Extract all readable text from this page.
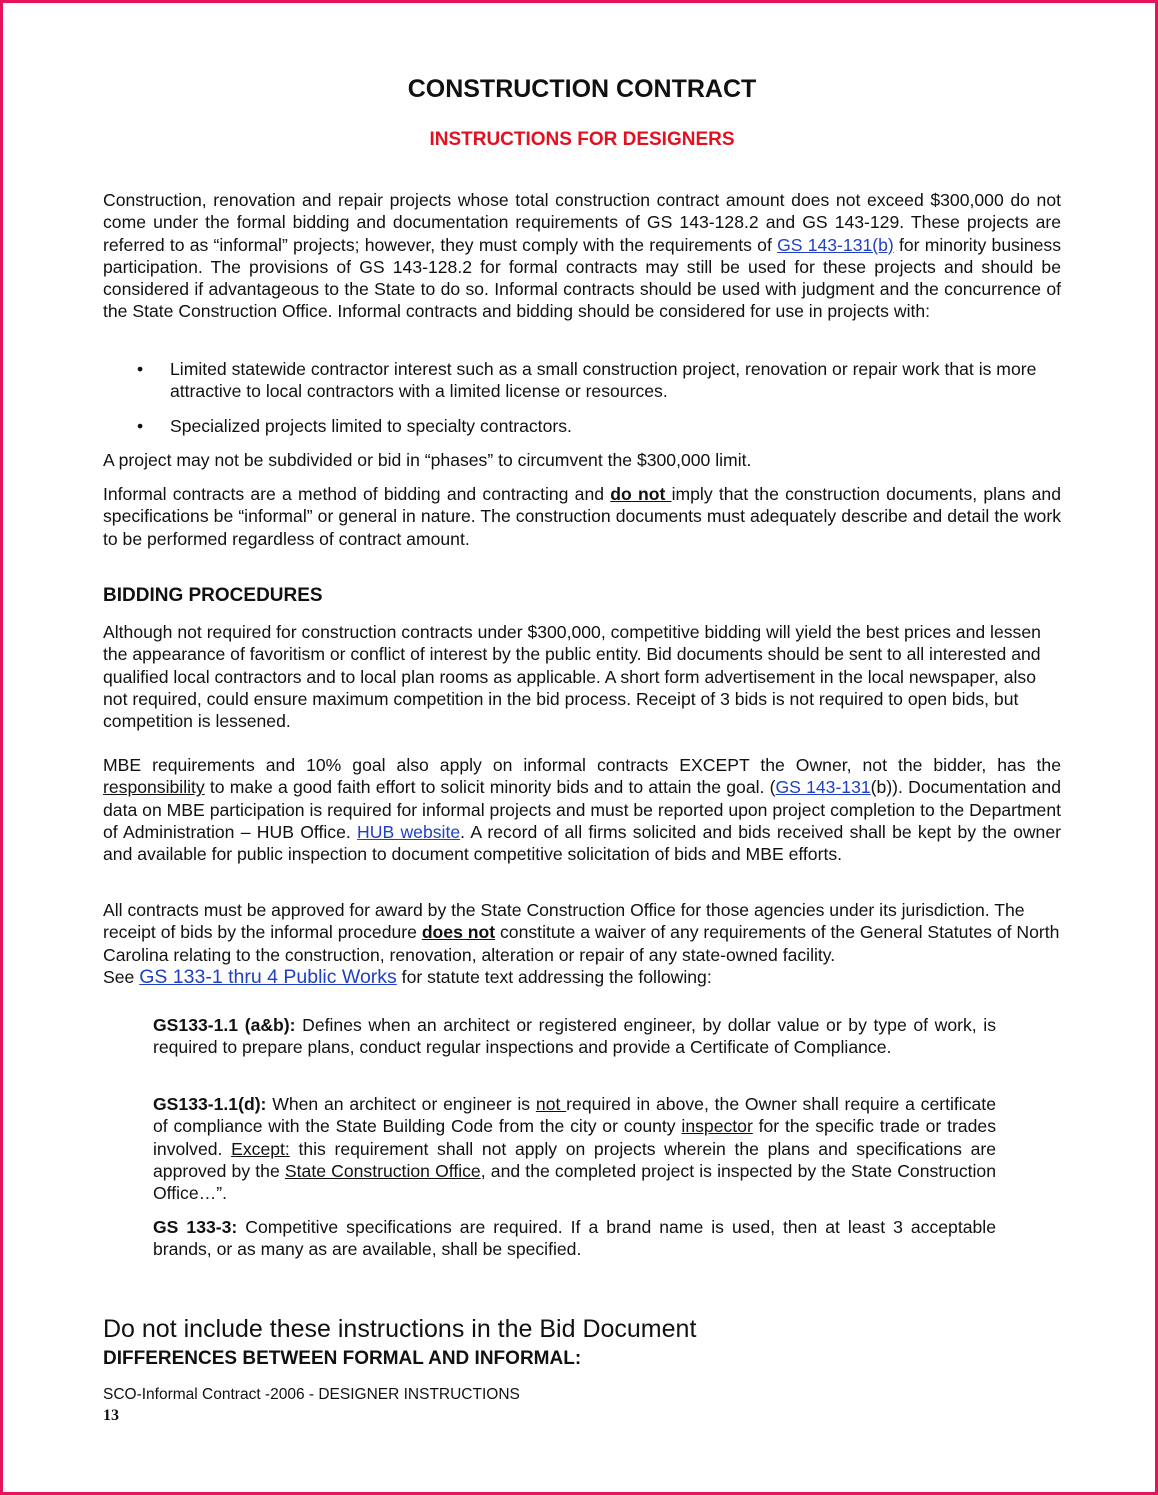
CONSTRUCTION CONTRACT
INSTRUCTIONS FOR DESIGNERS
Construction, renovation and repair projects whose total construction contract amount does not exceed $300,000 do not come under the formal bidding and documentation requirements of GS 143-128.2 and GS 143-129. These projects are referred to as “informal” projects; however, they must comply with the requirements of GS 143-131(b) for minority business participation. The provisions of GS 143-128.2 for formal contracts may still be used for these projects and should be considered if advantageous to the State to do so. Informal contracts should be used with judgment and the concurrence of the State Construction Office. Informal contracts and bidding should be considered for use in projects with:
• Limited statewide contractor interest such as a small construction project, renovation or repair work that is more attractive to local contractors with a limited license or resources.
• Specialized projects limited to specialty contractors.
A project may not be subdivided or bid in “phases” to circumvent the $300,000 limit.
Informal contracts are a method of bidding and contracting and do not imply that the construction documents, plans and specifications be “informal” or general in nature. The construction documents must adequately describe and detail the work to be performed regardless of contract amount.
BIDDING PROCEDURES
Although not required for construction contracts under $300,000, competitive bidding will yield the best prices and lessen the appearance of favoritism or conflict of interest by the public entity. Bid documents should be sent to all interested and qualified local contractors and to local plan rooms as applicable. A short form advertisement in the local newspaper, also not required, could ensure maximum competition in the bid process. Receipt of 3 bids is not required to open bids, but competition is lessened.
MBE requirements and 10% goal also apply on informal contracts EXCEPT the Owner, not the bidder, has the responsibility to make a good faith effort to solicit minority bids and to attain the goal. (GS 143-131(b)). Documentation and data on MBE participation is required for informal projects and must be reported upon project completion to the Department of Administration – HUB Office. HUB website. A record of all firms solicited and bids received shall be kept by the owner and available for public inspection to document competitive solicitation of bids and MBE efforts.
All contracts must be approved for award by the State Construction Office for those agencies under its jurisdiction. The receipt of bids by the informal procedure does not constitute a waiver of any requirements of the General Statutes of North Carolina relating to the construction, renovation, alteration or repair of any state-owned facility.
See GS 133-1 thru 4 Public Works for statute text addressing the following:
GS133-1.1 (a&b): Defines when an architect or registered engineer, by dollar value or by type of work, is required to prepare plans, conduct regular inspections and provide a Certificate of Compliance.
GS133-1.1(d): When an architect or engineer is not required in above, the Owner shall require a certificate of compliance with the State Building Code from the city or county inspector for the specific trade or trades involved. Except: this requirement shall not apply on projects wherein the plans and specifications are approved by the State Construction Office, and the completed project is inspected by the State Construction Office…”.
GS 133-3: Competitive specifications are required. If a brand name is used, then at least 3 acceptable brands, or as many as are available, shall be specified.
Do not include these instructions in the Bid Document
DIFFERENCES BETWEEN FORMAL AND INFORMAL:
SCO-Informal Contract -2006 - DESIGNER INSTRUCTIONS
13
